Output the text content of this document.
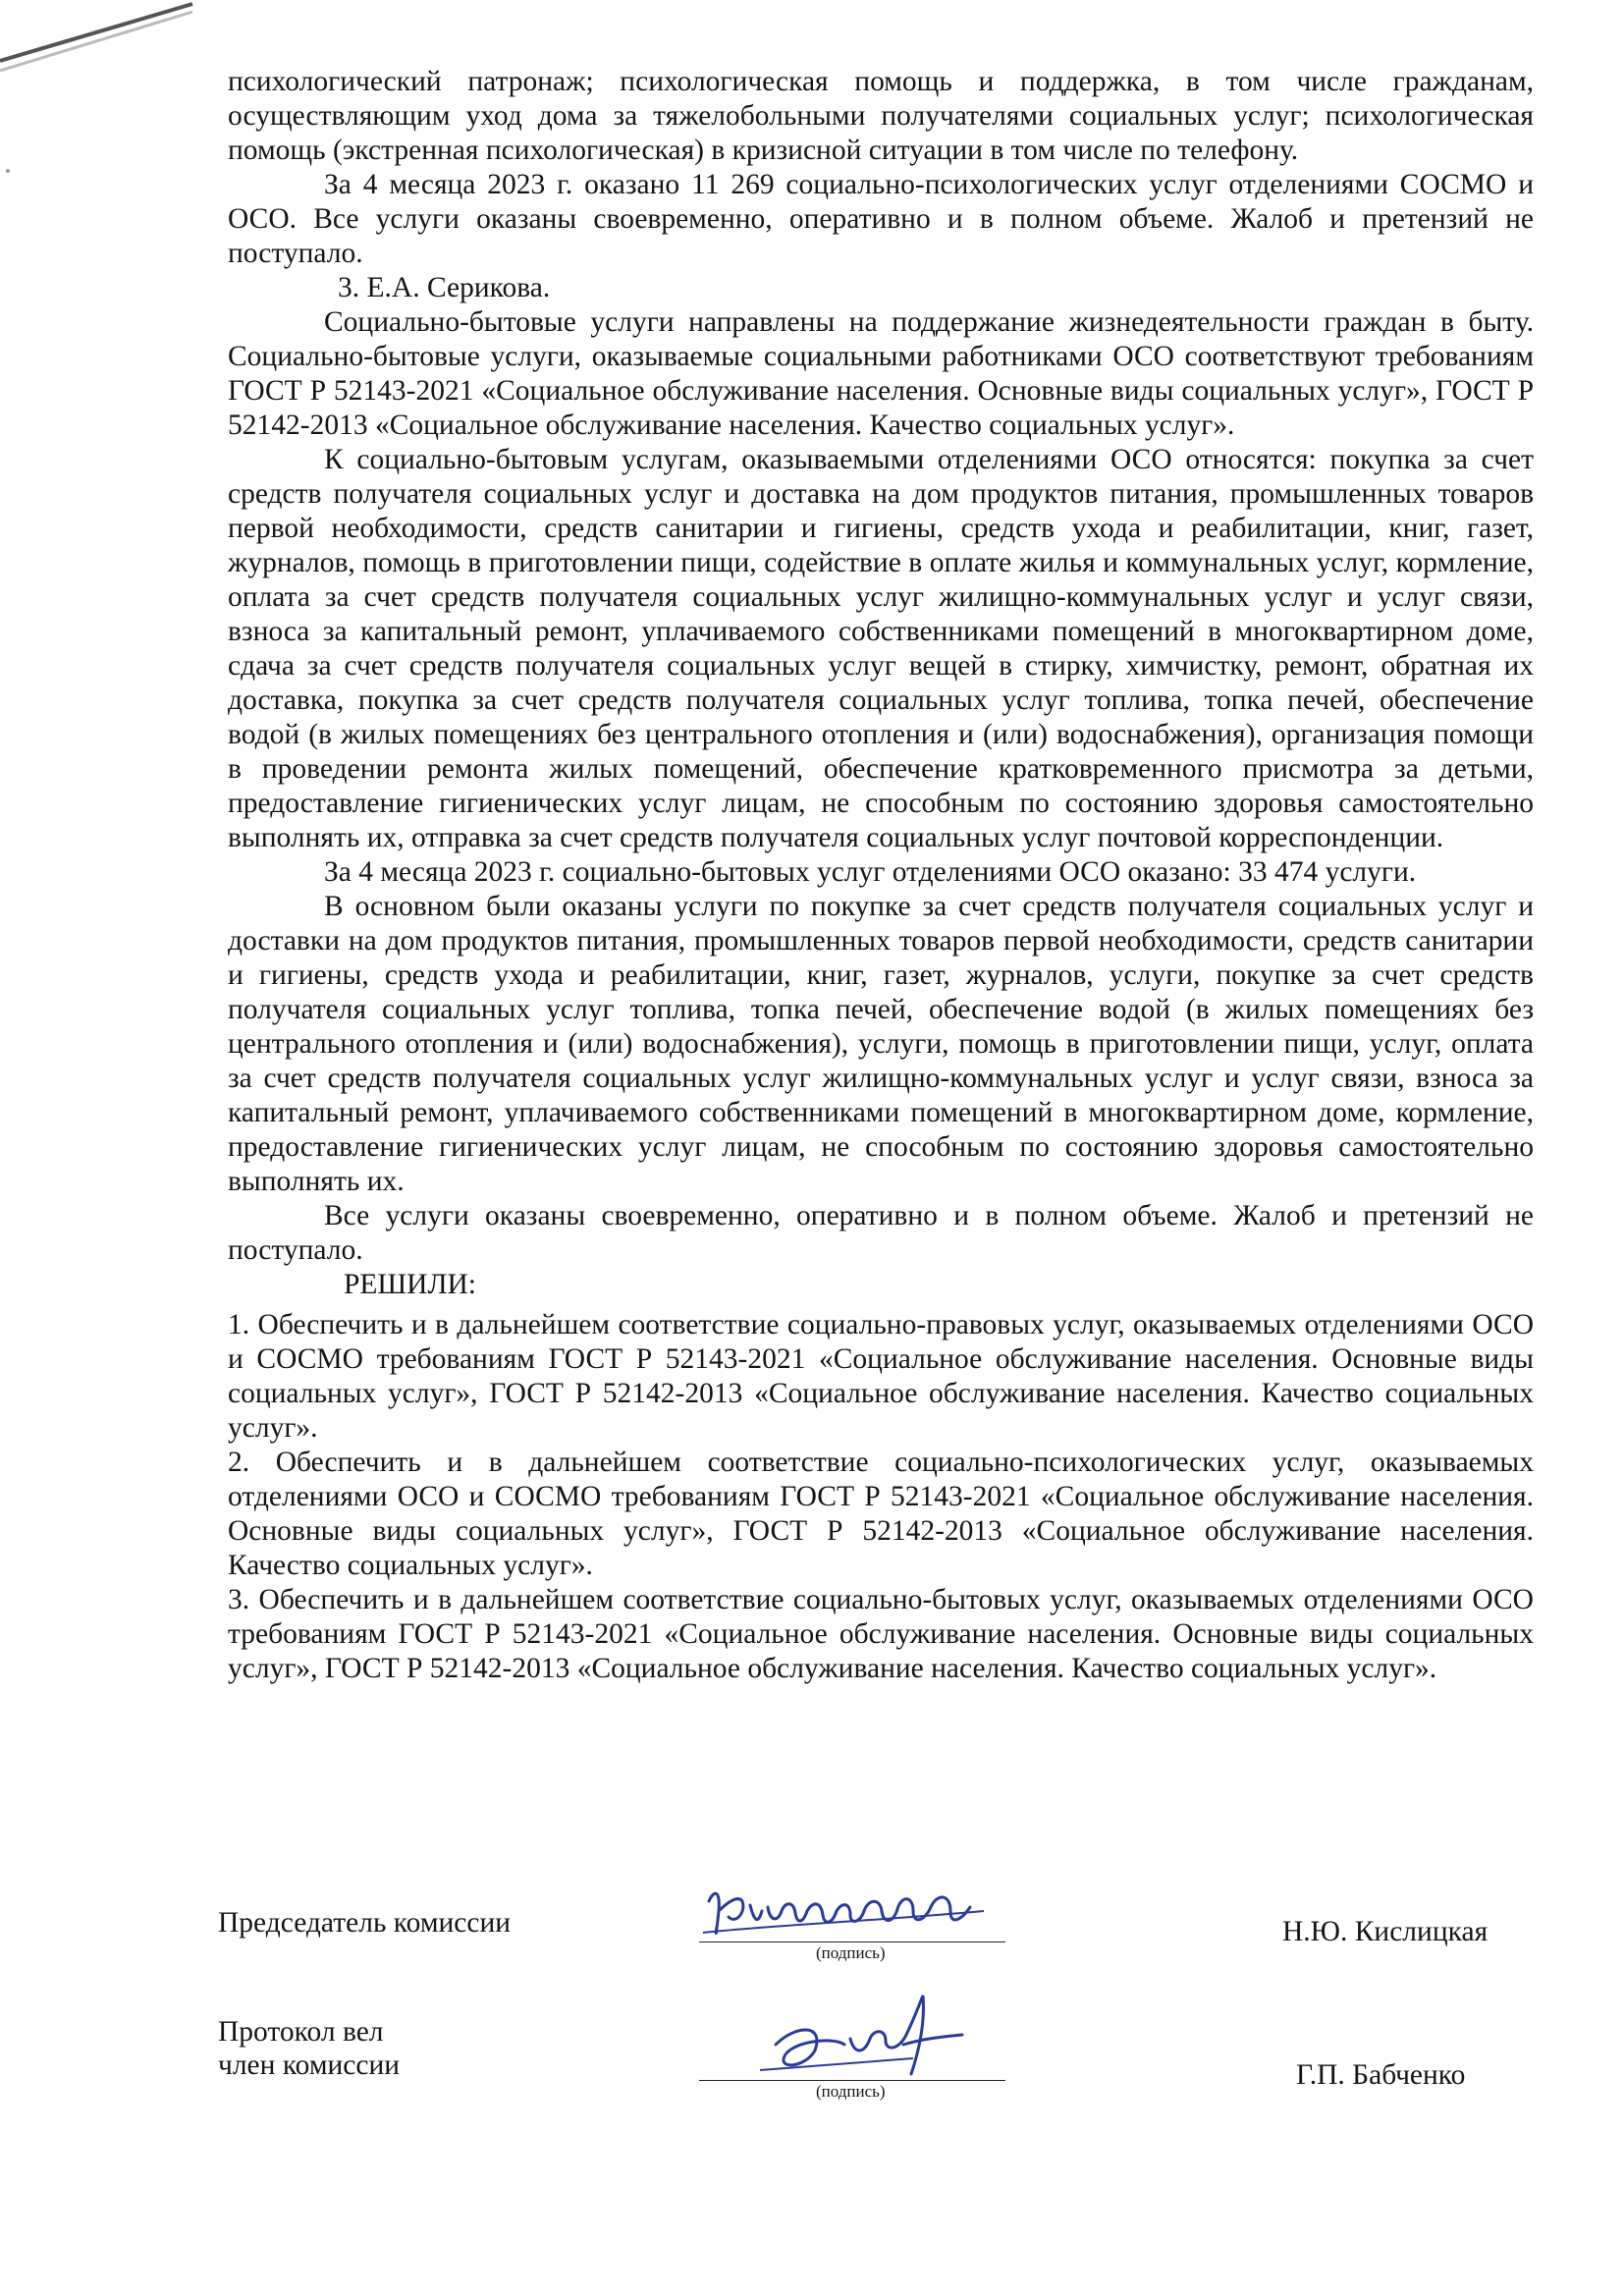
психологический патронаж; психологическая помощь и поддержка, в том числе гражданам, осуществляющим уход дома за тяжелобольными получателями социальных услуг; психологическая помощь (экстренная психологическая) в кризисной ситуации в том числе по телефону.

За 4 месяца 2023 г. оказано 11 269 социально-психологических услуг отделениями СОСМО и ОСО. Все услуги оказаны своевременно, оперативно и в полном объеме. Жалоб и претензий не поступало.

3. Е.А. Серикова.

Социально-бытовые услуги направлены на поддержание жизнедеятельности граждан в быту. Социально-бытовые услуги, оказываемые социальными работниками ОСО соответствуют требованиям ГОСТ Р 52143-2021 «Социальное обслуживание населения. Основные виды социальных услуг», ГОСТ Р 52142-2013 «Социальное обслуживание населения. Качество социальных услуг».

К социально-бытовым услугам, оказываемыми отделениями ОСО относятся: покупка за счет средств получателя социальных услуг и доставка на дом продуктов питания, промышленных товаров первой необходимости, средств санитарии и гигиены, средств ухода и реабилитации, книг, газет, журналов, помощь в приготовлении пищи, содействие в оплате жилья и коммунальных услуг, кормление, оплата за счет средств получателя социальных услуг жилищно-коммунальных услуг и услуг связи, взноса за капитальный ремонт, уплачиваемого собственниками помещений в многоквартирном доме, сдача за счет средств получателя социальных услуг вещей в стирку, химчистку, ремонт, обратная их доставка, покупка за счет средств получателя социальных услуг топлива, топка печей, обеспечение водой (в жилых помещениях без центрального отопления и (или) водоснабжения), организация помощи в проведении ремонта жилых помещений, обеспечение кратковременного присмотра за детьми, предоставление гигиенических услуг лицам, не способным по состоянию здоровья самостоятельно выполнять их, отправка за счет средств получателя социальных услуг почтовой корреспонденции.

За 4 месяца 2023 г. социально-бытовых услуг отделениями ОСО оказано: 33 474 услуги.

В основном были оказаны услуги по покупке за счет средств получателя социальных услуг и доставки на дом продуктов питания, промышленных товаров первой необходимости, средств санитарии и гигиены, средств ухода и реабилитации, книг, газет, журналов, услуги, покупке за счет средств получателя социальных услуг топлива, топка печей, обеспечение водой (в жилых помещениях без центрального отопления и (или) водоснабжения), услуги, помощь в приготовлении пищи, услуг, оплата за счет средств получателя социальных услуг жилищно-коммунальных услуг и услуг связи, взноса за капитальный ремонт, уплачиваемого собственниками помещений в многоквартирном доме, кормление, предоставление гигиенических услуг лицам, не способным по состоянию здоровья самостоятельно выполнять их.

Все услуги оказаны своевременно, оперативно и в полном объеме. Жалоб и претензий не поступало.

РЕШИЛИ:

1. Обеспечить и в дальнейшем соответствие социально-правовых услуг, оказываемых отделениями ОСО и СОСМО требованиям ГОСТ Р 52143-2021 «Социальное обслуживание населения. Основные виды социальных услуг», ГОСТ Р 52142-2013 «Социальное обслуживание населения. Качество социальных услуг».

2. Обеспечить и в дальнейшем соответствие социально-психологических услуг, оказываемых отделениями ОСО и СОСМО требованиям ГОСТ Р 52143-2021 «Социальное обслуживание населения. Основные виды социальных услуг», ГОСТ Р 52142-2013 «Социальное обслуживание населения. Качество социальных услуг».

3. Обеспечить и в дальнейшем соответствие социально-бытовых услуг, оказываемых отделениями ОСО требованиям ГОСТ Р 52143-2021 «Социальное обслуживание населения. Основные виды социальных услуг», ГОСТ Р 52142-2013 «Социальное обслуживание населения. Качество социальных услуг».

Председатель комиссии
(подпись)
Н.Ю. Кислицкая
Протокол вел
член комиссии
(подпись)
Г.П. Бабченко
